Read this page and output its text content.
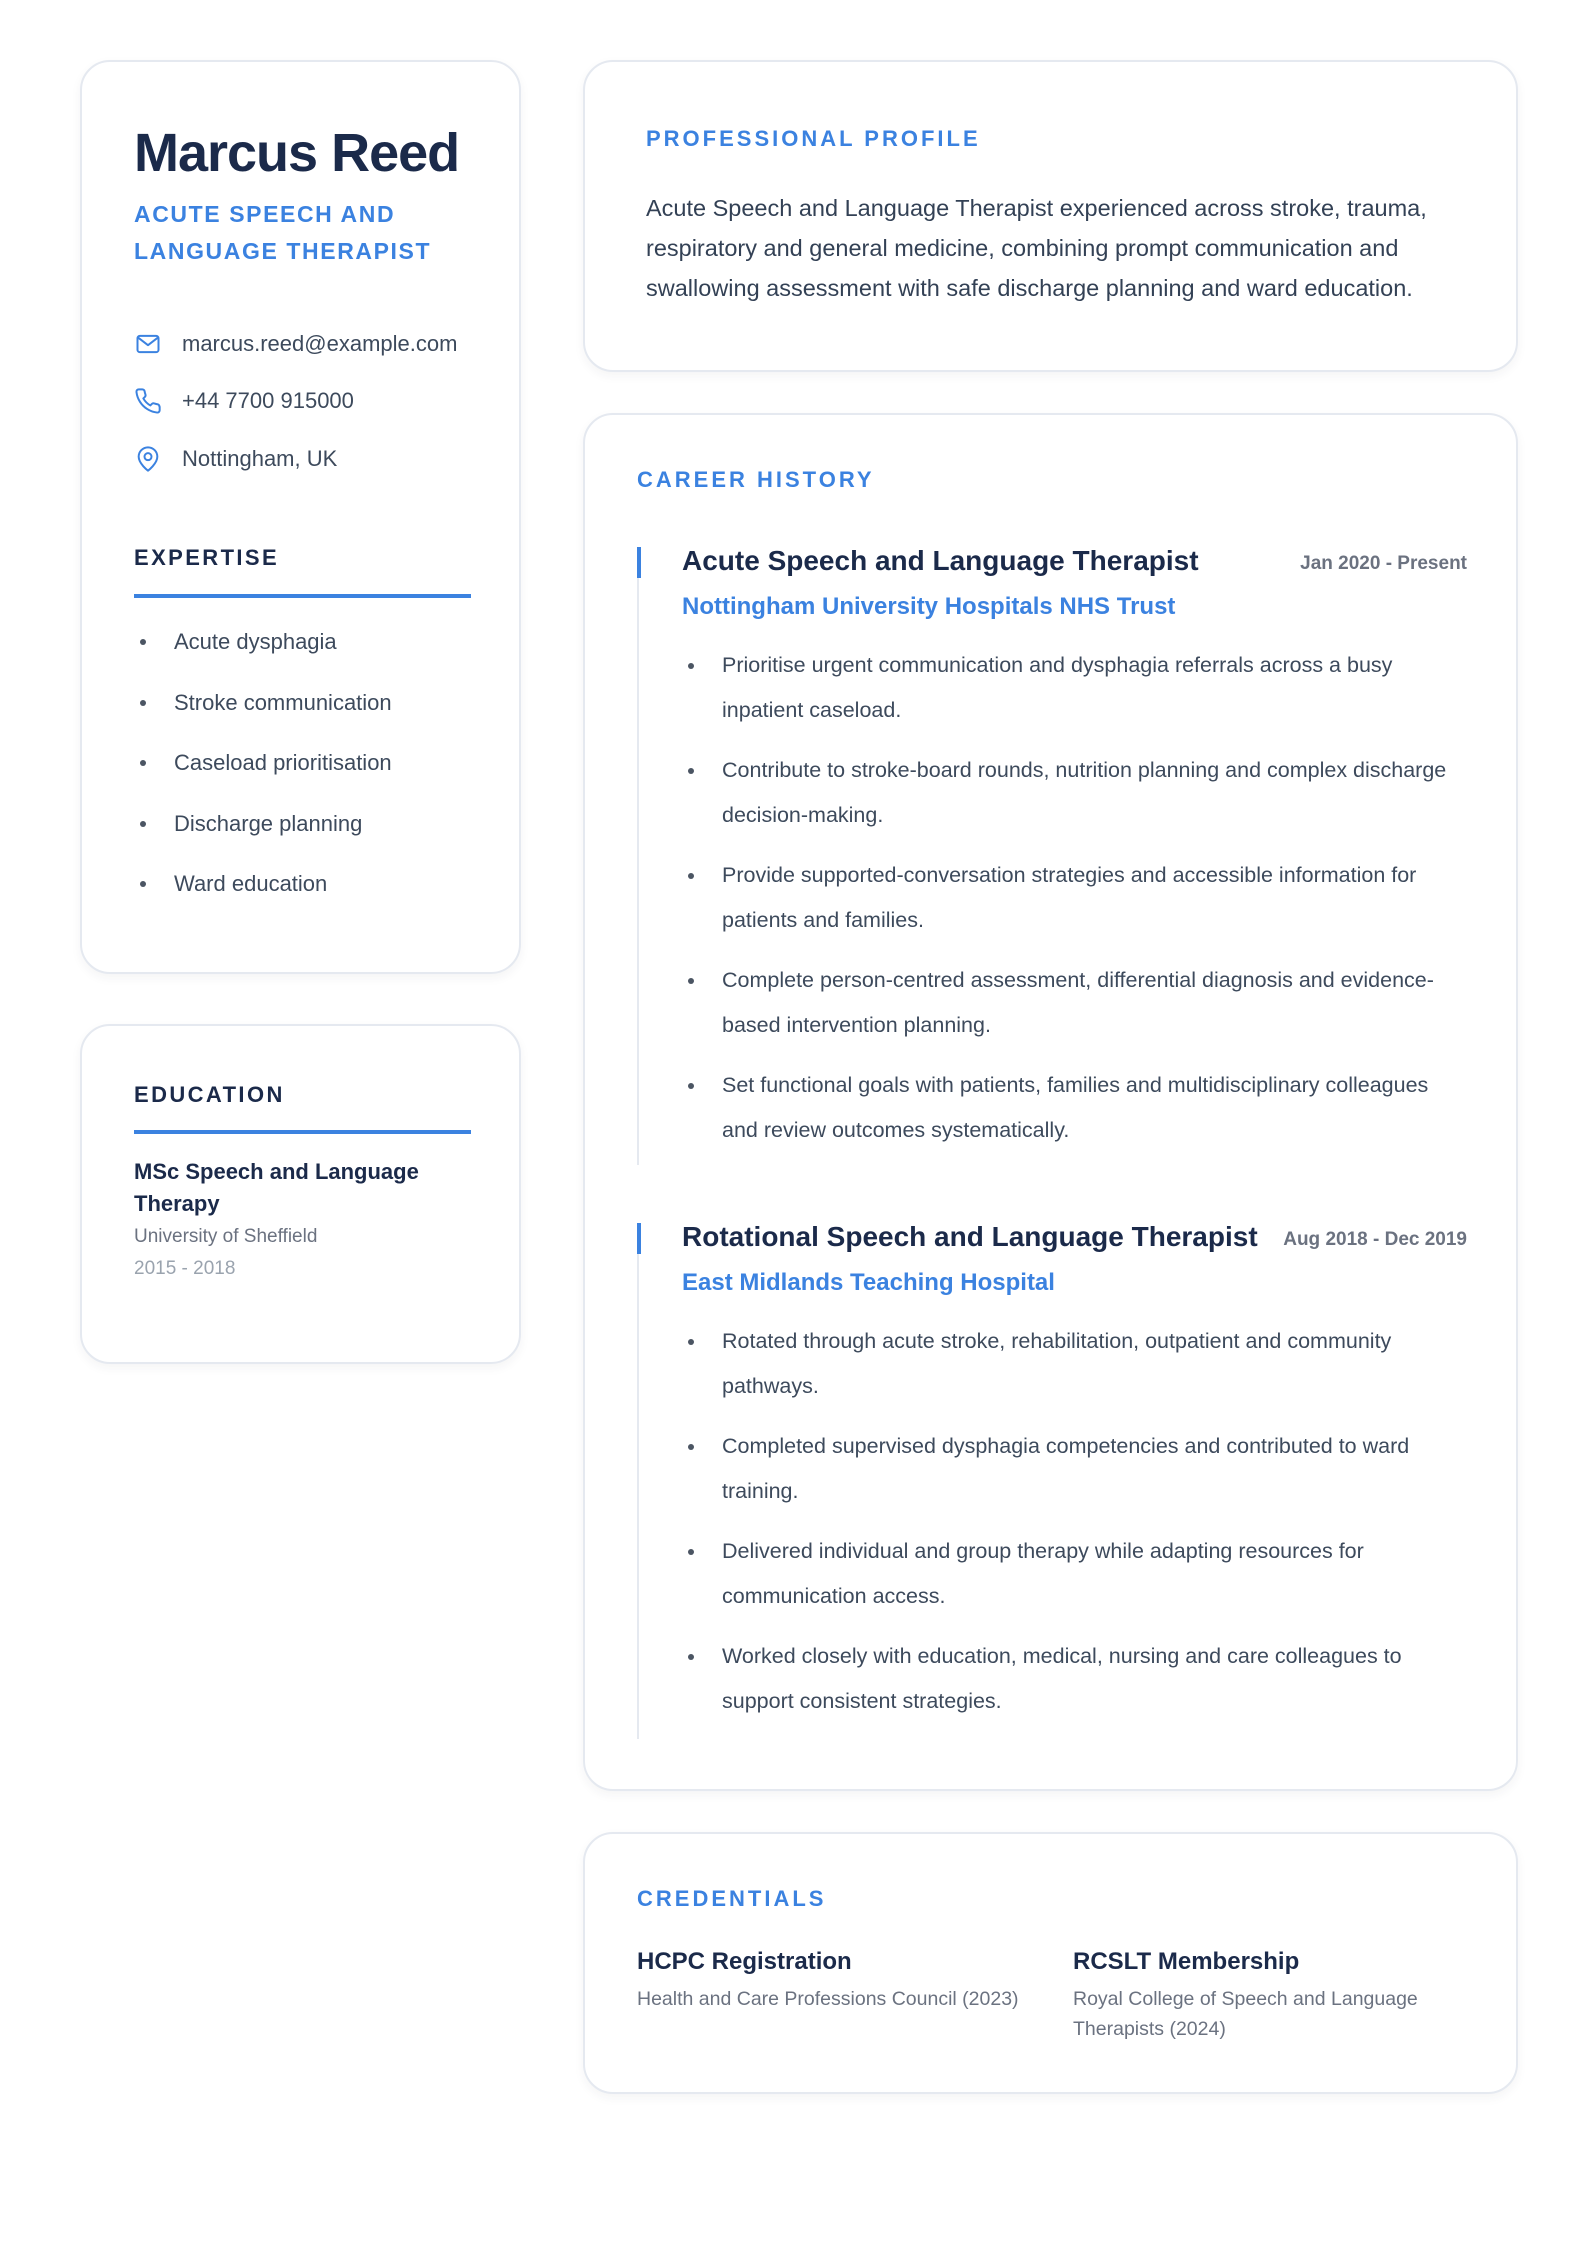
Marcus Reed
ACUTE SPEECH AND LANGUAGE THERAPIST
marcus.reed@example.com
+44 7700 915000
Nottingham, UK
EXPERTISE
Acute dysphagia
Stroke communication
Caseload prioritisation
Discharge planning
Ward education
EDUCATION
MSc Speech and Language Therapy
University of Sheffield
2015 - 2018
PROFESSIONAL PROFILE
Acute Speech and Language Therapist experienced across stroke, trauma, respiratory and general medicine, combining prompt communication and swallowing assessment with safe discharge planning and ward education.
CAREER HISTORY
Acute Speech and Language Therapist	Jan 2020 - Present
Nottingham University Hospitals NHS Trust
Prioritise urgent communication and dysphagia referrals across a busy inpatient caseload.
Contribute to stroke-board rounds, nutrition planning and complex discharge decision-making.
Provide supported-conversation strategies and accessible information for patients and families.
Complete person-centred assessment, differential diagnosis and evidence-based intervention planning.
Set functional goals with patients, families and multidisciplinary colleagues and review outcomes systematically.
Rotational Speech and Language Therapist Aug 2018 - Dec 2019
East Midlands Teaching Hospital
Rotated through acute stroke, rehabilitation, outpatient and community pathways.
Completed supervised dysphagia competencies and contributed to ward training.
Delivered individual and group therapy while adapting resources for communication access.
Worked closely with education, medical, nursing and care colleagues to support consistent strategies.
CREDENTIALS
HCPC Registration
Health and Care Professions Council (2023)
RCSLT Membership
Royal College of Speech and Language Therapists (2024)
